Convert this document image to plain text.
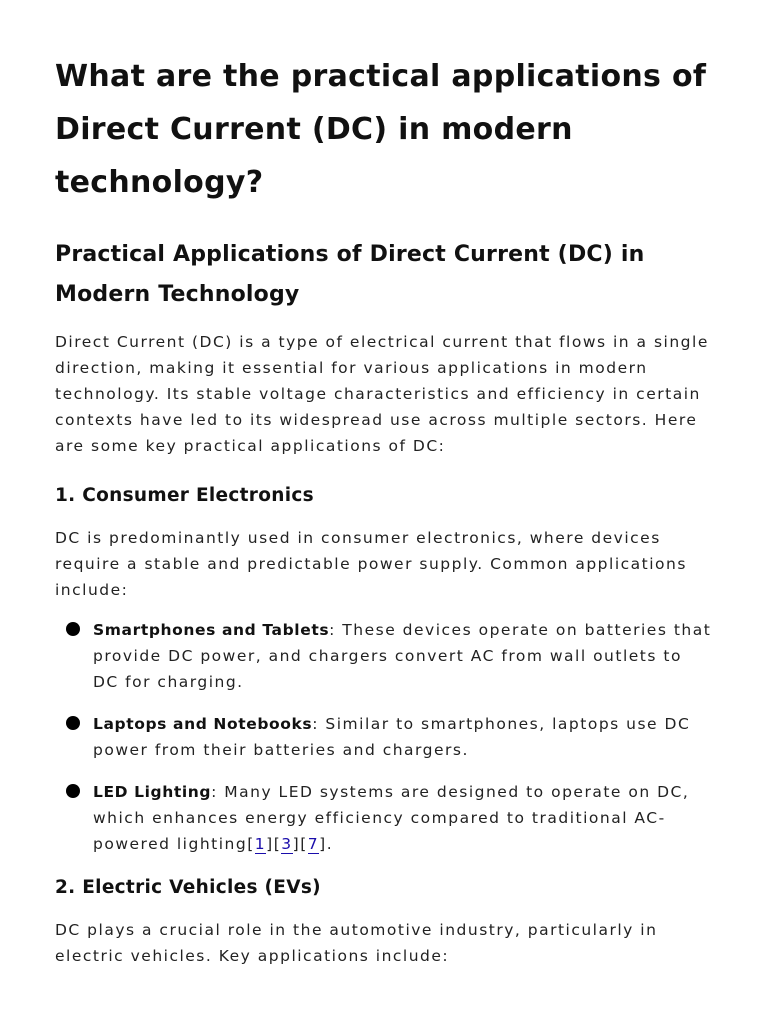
What are the practical applications of Direct Current (DC) in modern technology?
Practical Applications of Direct Current (DC) in Modern Technology

Direct Current (DC) is a type of electrical current that flows in a single direction, making it essential for various applications in modern technology. Its stable voltage characteristics and efficiency in certain contexts have led to its widespread use across multiple sectors. Here are some key practical applications of DC:

1. Consumer Electronics

DC is predominantly used in consumer electronics, where devices require a stable and predictable power supply. Common applications include:

Smartphones and Tablets: These devices operate on batteries that provide DC power, and chargers convert AC from wall outlets to DC for charging.
Laptops and Notebooks: Similar to smartphones, laptops use DC power from their batteries and chargers.
LED Lighting: Many LED systems are designed to operate on DC, which enhances energy efficiency compared to traditional AC-powered lighting[1][3][7].
2. Electric Vehicles (EVs)

DC plays a crucial role in the automotive industry, particularly in electric vehicles. Key applications include:
